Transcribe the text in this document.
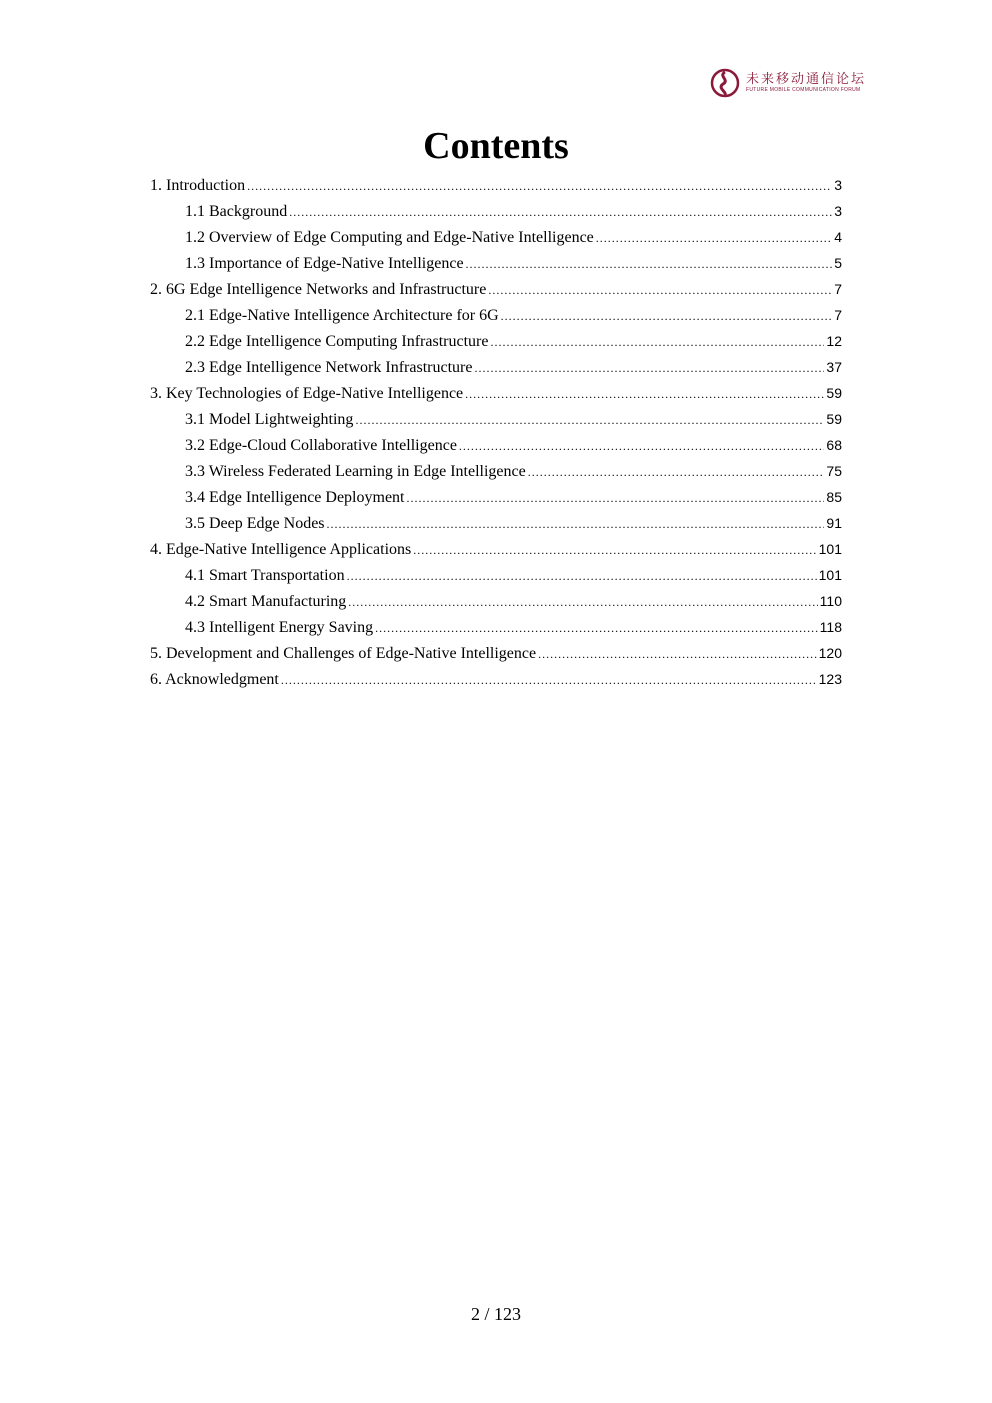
未来移动通信论坛
FUTURE MOBILE COMMUNICATION FORUM
Contents
1. Introduction .....	3
1.1 Background .....	3
1.2 Overview of Edge Computing and Edge-Native Intelligence .....	4
1.3 Importance of Edge-Native Intelligence .....	5
2. 6G Edge Intelligence Networks and Infrastructure .....	7
2.1 Edge-Native Intelligence Architecture for 6G .....	7
2.2 Edge Intelligence Computing Infrastructure .....	12
2.3 Edge Intelligence Network Infrastructure .....	37
3. Key Technologies of Edge-Native Intelligence .....	59
3.1 Model Lightweighting .....	59
3.2 Edge-Cloud Collaborative Intelligence .....	68
3.3 Wireless Federated Learning in Edge Intelligence .....	75
3.4 Edge Intelligence Deployment .....	85
3.5 Deep Edge Nodes .....	91
4. Edge-Native Intelligence Applications .....	101
4.1 Smart Transportation .....	101
4.2 Smart Manufacturing .....	110
4.3 Intelligent Energy Saving .....	118
5. Development and Challenges of Edge-Native Intelligence .....	120
6. Acknowledgment .....	123
2 / 123
